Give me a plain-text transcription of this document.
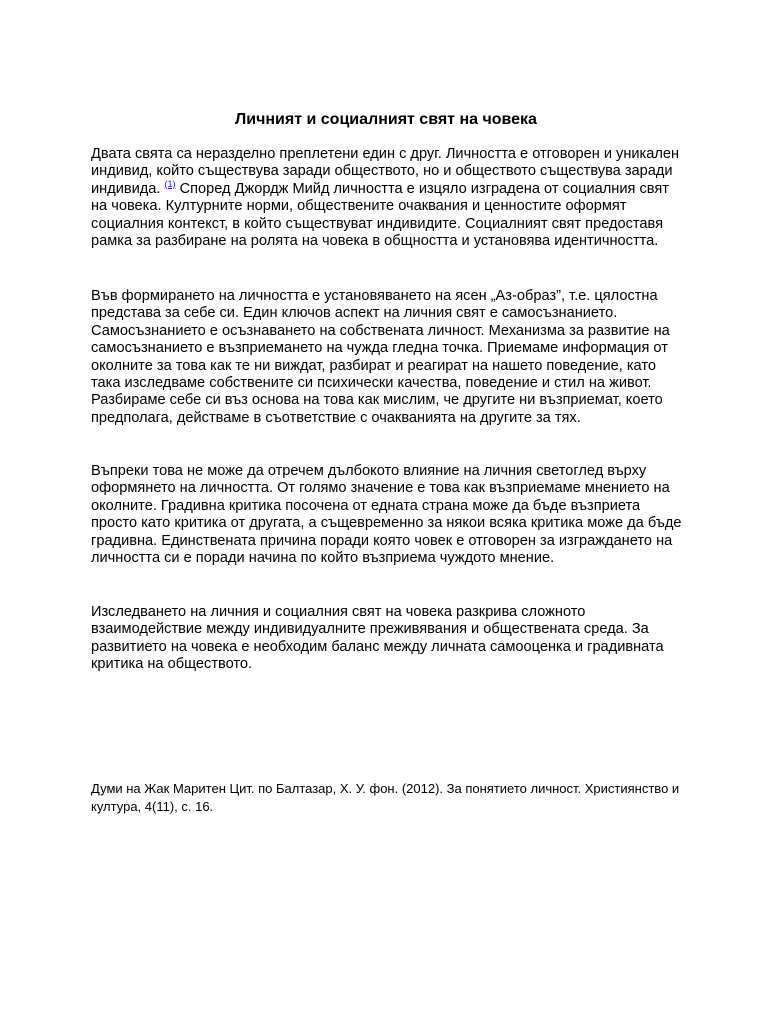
Личният и социалният свят на човека

Двата свята са неразделно преплетени един с друг. Личността е отговорен и уникален индивид, който съществува заради обществото, но и обществото съществува заради индивида. $^{(1)}$ Според Джордж Мийд личността е изцяло изградена от социалния свят на човека. Културните норми, обществените очаквания и ценностите оформят социалния контекст, в който съществуват индивидите. Социалният свят предоставя рамка за разбиране на ролята на човека в общността и установява идентичността.

Във формирането на личността е установяването на ясен „Аз-образ”, т.е. цялостна представа за себе си. Един ключов аспект на личния свят е самосъзнанието. Самосъзнанието е осъзнаването на собствената личност. Механизма за развитие на самосъзнанието е възприемането на чужда гледна точка. Приемаме информация от околните за това как те ни виждат, разбират и реагират на нашето поведение, като така изследваме собствените си психически качества, поведение и стил на живот. Разбираме себе си въз основа на това как мислим, че другите ни възприемат, което предполага, действаме в съответствие с очакванията на другите за тях.

Въпреки това не може да отречем дълбокото влияние на личния светоглед върху оформянето на личността. От голямо значение е това как възприемаме мнението на околните. Градивна критика посочена от едната страна може да бъде възприета просто като критика от другата, а същевременно за някои всяка критика може да бъде градивна. Единствената причина поради която човек е отговорен за изграждането на личността си е поради начина по който възприема чуждото мнение.

Изследването на личния и социалния свят на човека разкрива сложното взаимодействие между индивидуалните преживявания и обществената среда. За развитието на човека е необходим баланс между личната самооценка и градивната критика на обществото.

Думи на Жак Маритен Цит. по Балтазар, Х. У. фон. (2012). За понятието личност. Християнство и култура, 4(11), с. 16.
